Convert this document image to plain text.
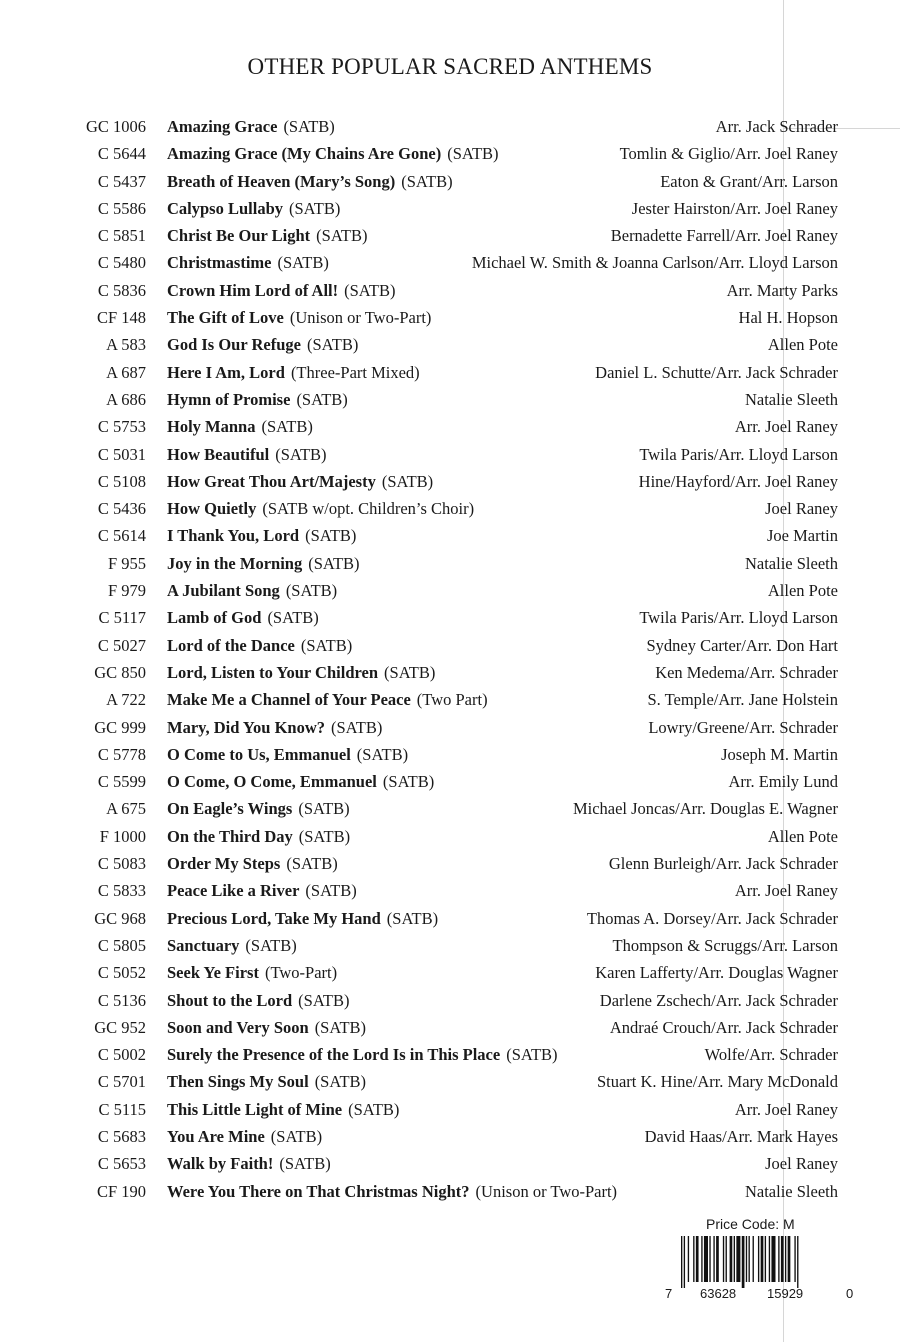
OTHER POPULAR SACRED ANTHEMS
GC 1006 Amazing Grace (SATB)	Arr. Jack Schrader
C 5644 Amazing Grace (My Chains Are Gone) (SATB)	Tomlin & Giglio/Arr. Joel Raney
C 5437 Breath of Heaven (Mary’s Song) (SATB)	Eaton & Grant/Arr. Larson
C 5586 Calypso Lullaby (SATB)	Jester Hairston/Arr. Joel Raney
C 5851 Christ Be Our Light (SATB)	Bernadette Farrell/Arr. Joel Raney
C 5480 Christmastime (SATB)	Michael W. Smith & Joanna Carlson/Arr. Lloyd Larson
C 5836 Crown Him Lord of All! (SATB)	Arr. Marty Parks
CF 148 The Gift of Love (Unison or Two-Part)	Hal H. Hopson
A 583 God Is Our Refuge (SATB)	Allen Pote
A 687 Here I Am, Lord (Three-Part Mixed)	Daniel L. Schutte/Arr. Jack Schrader
A 686 Hymn of Promise (SATB)	Natalie Sleeth
C 5753 Holy Manna (SATB)	Arr. Joel Raney
C 5031 How Beautiful (SATB)	Twila Paris/Arr. Lloyd Larson
C 5108 How Great Thou Art/Majesty (SATB)	Hine/Hayford/Arr. Joel Raney
C 5436 How Quietly (SATB w/opt. Children’s Choir)	Joel Raney
C 5614 I Thank You, Lord (SATB)	Joe Martin
F 955 Joy in the Morning (SATB)	Natalie Sleeth
F 979 A Jubilant Song (SATB)	Allen Pote
C 5117 Lamb of God (SATB)	Twila Paris/Arr. Lloyd Larson
C 5027 Lord of the Dance (SATB)	Sydney Carter/Arr. Don Hart
GC 850 Lord, Listen to Your Children (SATB)	Ken Medema/Arr. Schrader
A 722 Make Me a Channel of Your Peace (Two Part)	S. Temple/Arr. Jane Holstein
GC 999 Mary, Did You Know? (SATB)	Lowry/Greene/Arr. Schrader
C 5778 O Come to Us, Emmanuel (SATB)	Joseph M. Martin
C 5599 O Come, O Come, Emmanuel (SATB)	Arr. Emily Lund
A 675 On Eagle’s Wings (SATB)	Michael Joncas/Arr. Douglas E. Wagner
F 1000 On the Third Day (SATB)	Allen Pote
C 5083 Order My Steps (SATB)	Glenn Burleigh/Arr. Jack Schrader
C 5833 Peace Like a River (SATB)	Arr. Joel Raney
GC 968 Precious Lord, Take My Hand (SATB)	Thomas A. Dorsey/Arr. Jack Schrader
C 5805 Sanctuary (SATB)	Thompson & Scruggs/Arr. Larson
C 5052 Seek Ye First (Two-Part)	Karen Lafferty/Arr. Douglas Wagner
C 5136 Shout to the Lord (SATB)	Darlene Zschech/Arr. Jack Schrader
GC 952 Soon and Very Soon (SATB)	Andraé Crouch/Arr. Jack Schrader
C 5002 Surely the Presence of the Lord Is in This Place (SATB)	Wolfe/Arr. Schrader
C 5701 Then Sings My Soul (SATB)	Stuart K. Hine/Arr. Mary McDonald
C 5115 This Little Light of Mine (SATB)	Arr. Joel Raney
C 5683 You Are Mine (SATB)	David Haas/Arr. Mark Hayes
C 5653 Walk by Faith! (SATB)	Joel Raney
CF 190 Were You There on That Christmas Night? (Unison or Two-Part)	Natalie Sleeth
Price Code: M
7 63628 15929	0
